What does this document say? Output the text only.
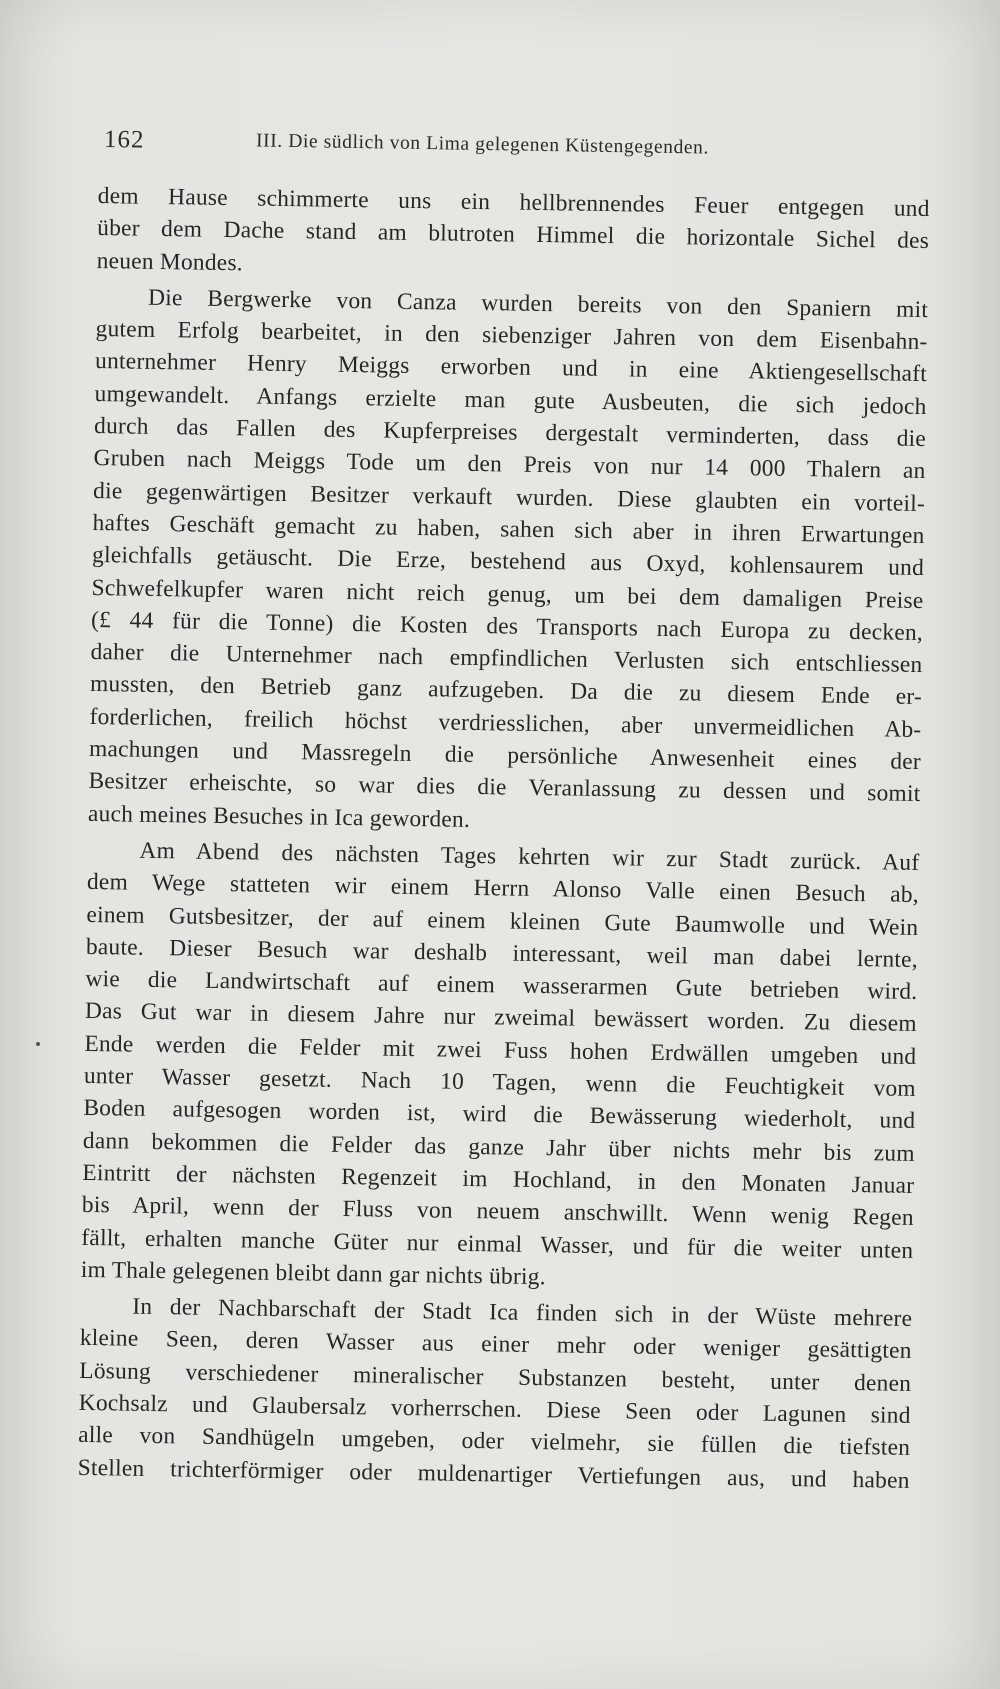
162	III. Die südlich von Lima gelegenen Küstengegenden.
dem Hause schimmerte uns ein hellbrennendes Feuer entgegen und
über dem Dache stand am blutroten Himmel die horizontale Sichel des
neuen Mondes.
Die Bergwerke von Canza wurden bereits von den Spaniern mit
gutem Erfolg bearbeitet, in den siebenziger Jahren von dem Eisenbahn-
unternehmer Henry Meiggs erworben und in eine Aktiengesellschaft
umgewandelt. Anfangs erzielte man gute Ausbeuten, die sich jedoch
durch das Fallen des Kupferpreises dergestalt verminderten, dass die
Gruben nach Meiggs Tode um den Preis von nur 14 000 Thalern an
die gegenwärtigen Besitzer verkauft wurden. Diese glaubten ein vorteil-
haftes Geschäft gemacht zu haben, sahen sich aber in ihren Erwartungen
gleichfalls getäuscht. Die Erze, bestehend aus Oxyd, kohlensaurem und
Schwefelkupfer waren nicht reich genug, um bei dem damaligen Preise
(£ 44 für die Tonne) die Kosten des Transports nach Europa zu decken,
daher die Unternehmer nach empfindlichen Verlusten sich entschliessen
mussten, den Betrieb ganz aufzugeben. Da die zu diesem Ende er-
forderlichen, freilich höchst verdriesslichen, aber unvermeidlichen Ab-
machungen und Massregeln die persönliche Anwesenheit eines der
Besitzer erheischte, so war dies die Veranlassung zu dessen und somit
auch meines Besuches in Ica geworden.
Am Abend des nächsten Tages kehrten wir zur Stadt zurück. Auf
dem Wege statteten wir einem Herrn Alonso Valle einen Besuch ab,
einem Gutsbesitzer, der auf einem kleinen Gute Baumwolle und Wein
baute. Dieser Besuch war deshalb interessant, weil man dabei lernte,
wie die Landwirtschaft auf einem wasserarmen Gute betrieben wird.
Das Gut war in diesem Jahre nur zweimal bewässert worden. Zu diesem
Ende werden die Felder mit zwei Fuss hohen Erdwällen umgeben und
unter Wasser gesetzt. Nach 10 Tagen, wenn die Feuchtigkeit vom
Boden aufgesogen worden ist, wird die Bewässerung wiederholt, und
dann bekommen die Felder das ganze Jahr über nichts mehr bis zum
Eintritt der nächsten Regenzeit im Hochland, in den Monaten Januar
bis April, wenn der Fluss von neuem anschwillt. Wenn wenig Regen
fällt, erhalten manche Güter nur einmal Wasser, und für die weiter unten
im Thale gelegenen bleibt dann gar nichts übrig.
In der Nachbarschaft der Stadt Ica finden sich in der Wüste mehrere
kleine Seen, deren Wasser aus einer mehr oder weniger gesättigten
Lösung verschiedener mineralischer Substanzen besteht, unter denen
Kochsalz und Glaubersalz vorherrschen. Diese Seen oder Lagunen sind
alle von Sandhügeln umgeben, oder vielmehr, sie füllen die tiefsten
Stellen trichterförmiger oder muldenartiger Vertiefungen aus, und haben
